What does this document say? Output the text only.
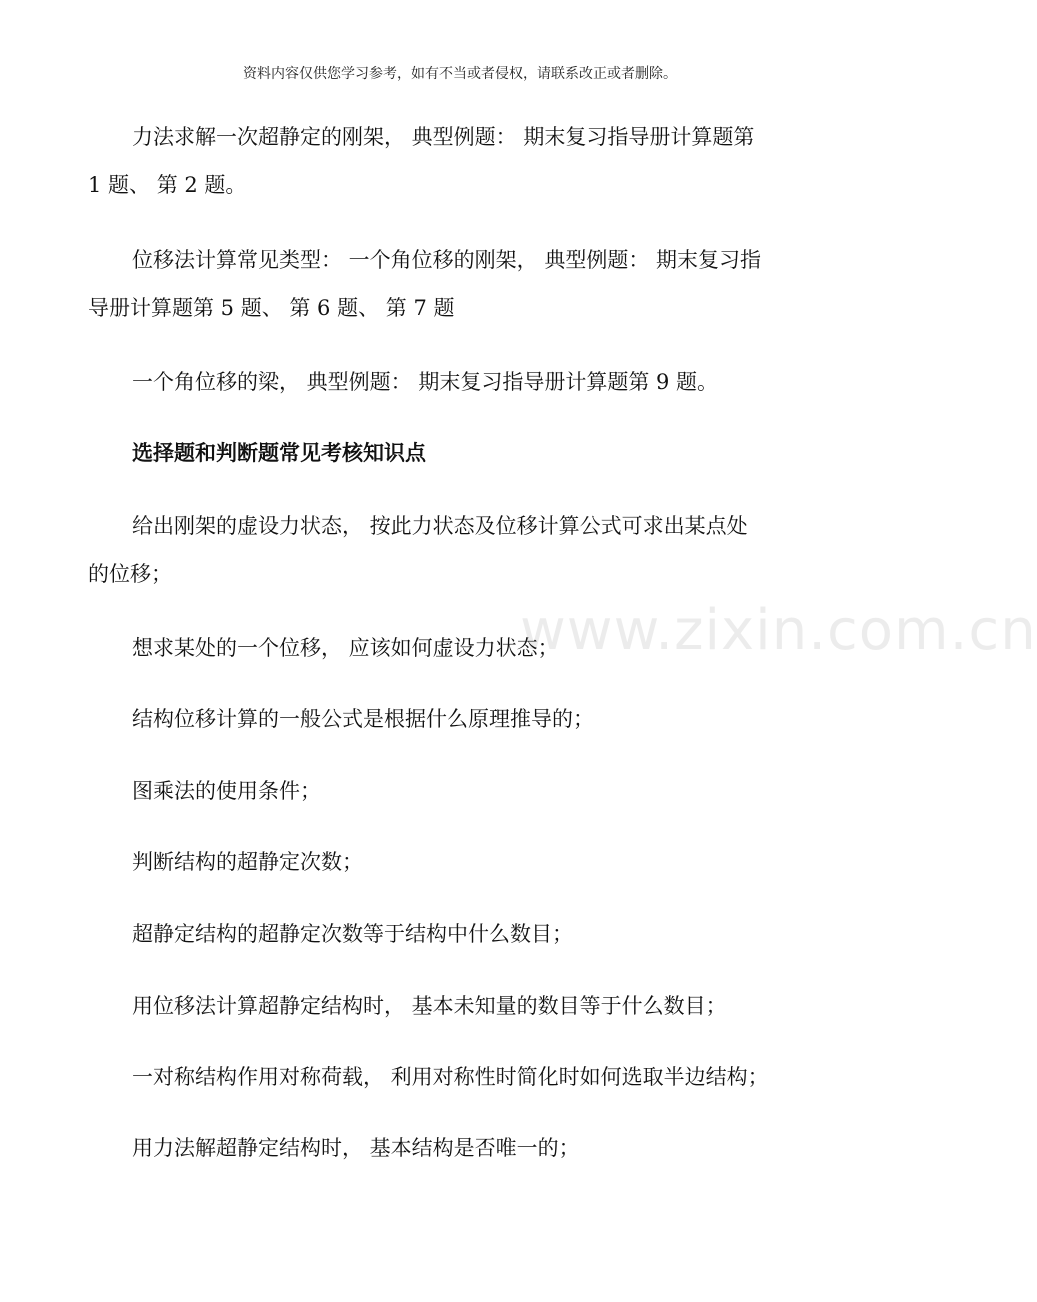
资料内容仅供您学习参考，如有不当或者侵权，请联系改正或者删除。
www.zixin.com.cn

力法求解一次超静定的刚架， 典型例题： 期末复习指导册计算题第
1 题、 第 2 题。

位移法计算常见类型： 一个角位移的刚架， 典型例题： 期末复习指
导册计算题第 5 题、 第 6 题、 第 7 题

一个角位移的梁， 典型例题： 期末复习指导册计算题第 9 题。

选择题和判断题常见考核知识点

给出刚架的虚设力状态， 按此力状态及位移计算公式可求出某点处
的位移；

想求某处的一个位移， 应该如何虚设力状态；

结构位移计算的一般公式是根据什么原理推导的；

图乘法的使用条件；

判断结构的超静定次数；

超静定结构的超静定次数等于结构中什么数目；

用位移法计算超静定结构时， 基本未知量的数目等于什么数目；

一对称结构作用对称荷载， 利用对称性时简化时如何选取半边结构；

用力法解超静定结构时， 基本结构是否唯一的；
